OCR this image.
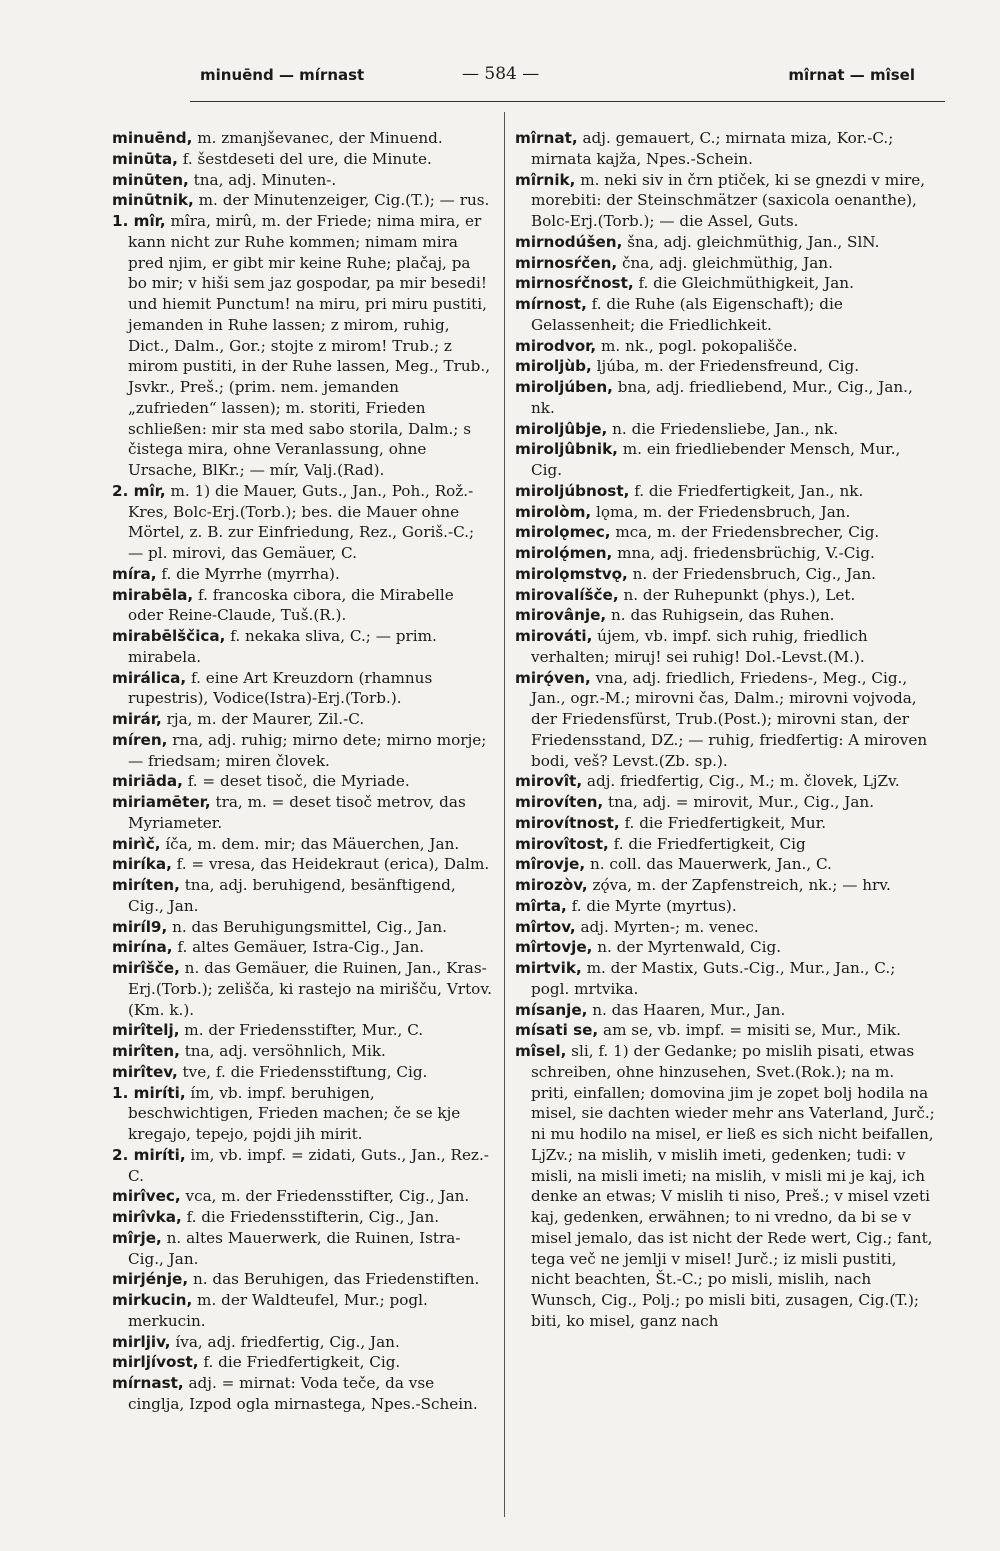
minuēnd — mírnast	— 584 —	mîrnat — mîsel

minuēnd, m. zmanjševanec, der Minuend.

minūta, f. šestdeseti del ure, die Minute.

minūten, tna, adj. Minuten-.

minūtnik, m. der Minutenzeiger, Cig.(T.); — rus.

1. mîr, mîra, mirû, m. der Friede; nima mira, er kann nicht zur Ruhe kommen; nimam mira pred njim, er gibt mir keine Ruhe; plačaj, pa bo mir; v hiši sem jaz gospodar, pa mir besedi! und hiemit Punctum! na miru, pri miru pustiti, jemanden in Ruhe lassen; z mirom, ruhig, Dict., Dalm., Gor.; stojte z mirom! Trub.; z mirom pustiti, in der Ruhe lassen, Meg., Trub., Jsvkr., Preš.; (prim. nem. jemanden „zufrieden“ lassen); m. storiti, Frieden schließen: mir sta med sabo storila, Dalm.; s čistega mira, ohne Veranlassung, ohne Ursache, BlKr.; — mír, Valj.(Rad).

2. mîr, m. 1) die Mauer, Guts., Jan., Poh., Rož.-Kres, Bolc-Erj.(Torb.); bes. die Mauer ohne Mörtel, z. B. zur Einfriedung, Rez., Goriš.-C.; — pl. mirovi, das Gemäuer, C.

míra, f. die Myrrhe (myrrha).

mirabēla, f. francoska cibora, die Mirabelle oder Reine-Claude, Tuš.(R.).

mirabēlščica, f. nekaka sliva, C.; — prim. mirabela.

mirálica, f. eine Art Kreuzdorn (rhamnus rupestris), Vodice(Istra)-Erj.(Torb.).

mirár, rja, m. der Maurer, Zil.-C.

míren, rna, adj. ruhig; mirno dete; mirno morje; — friedsam; miren človek.

miriāda, f. = deset tisoč, die Myriade.

miriamēter, tra, m. = deset tisoč metrov, das Myriameter.

mirìč, íča, m. dem. mir; das Mäuerchen, Jan.

miríka, f. = vresa, das Heidekraut (erica), Dalm.

miríten, tna, adj. beruhigend, besänftigend, Cig., Jan.

miríl9, n. das Beruhigungsmittel, Cig., Jan.

mirína, f. altes Gemäuer, Istra-Cig., Jan.

mirîšče, n. das Gemäuer, die Ruinen, Jan., Kras-Erj.(Torb.); zelišča, ki rastejo na mirišču, Vrtov.(Km. k.).

mirîtelj, m. der Friedensstifter, Mur., C.

mirîten, tna, adj. versöhnlich, Mik.

mirîtev, tve, f. die Friedensstiftung, Cig.

1. miríti, ím, vb. impf. beruhigen, beschwichtigen, Frieden machen; če se kje kregajo, tepejo, pojdi jih mirit.

2. miríti, im, vb. impf. = zidati, Guts., Jan., Rez.-C.

mirîvec, vca, m. der Friedensstifter, Cig., Jan.

mirîvka, f. die Friedensstifterin, Cig., Jan.

mîrje, n. altes Mauerwerk, die Ruinen, Istra-Cig., Jan.

mirjénje, n. das Beruhigen, das Friedenstiften.

mirkucin, m. der Waldteufel, Mur.; pogl. merkucin.

mirljiv, íva, adj. friedfertig, Cig., Jan.

mirljívost, f. die Friedfertigkeit, Cig.

mírnast, adj. = mirnat: Voda teče, da vse cinglja, Izpod ogla mirnastega, Npes.-Schein.

mîrnat, adj. gemauert, C.; mirnata miza, Kor.-C.; mirnata kajža, Npes.-Schein.

mîrnik, m. neki siv in črn ptiček, ki se gnezdi v mire, morebiti: der Steinschmätzer (saxicola oenanthe), Bolc-Erj.(Torb.); — die Assel, Guts.

mirnodúšen, šna, adj. gleichmüthig, Jan., SlN.

mirnosŕčen, čna, adj. gleichmüthig, Jan.

mirnosŕčnost, f. die Gleichmüthigkeit, Jan.

mírnost, f. die Ruhe (als Eigenschaft); die Gelassenheit; die Friedlichkeit.

mirodvor, m. nk., pogl. pokopališče.

miroljùb, ljúba, m. der Friedensfreund, Cig.

miroljúben, bna, adj. friedliebend, Mur., Cig., Jan., nk.

miroljûbje, n. die Friedensliebe, Jan., nk.

miroljûbnik, m. ein friedliebender Mensch, Mur., Cig.

miroljúbnost, f. die Friedfertigkeit, Jan., nk.

mirolòm, lǫma, m. der Friedensbruch, Jan.

mirolǫmec, mca, m. der Friedensbrecher, Cig.

mirolǫ́men, mna, adj. friedensbrüchig, V.-Cig.

mirolǫmstvǫ, n. der Friedensbruch, Cig., Jan.

mirovalíšče, n. der Ruhepunkt (phys.), Let.

mirovânje, n. das Ruhigsein, das Ruhen.

mirováti, újem, vb. impf. sich ruhig, friedlich verhalten; miruj! sei ruhig! Dol.-Levst.(M.).

mirǫ́ven, vna, adj. friedlich, Friedens-, Meg., Cig., Jan., ogr.-M.; mirovni čas, Dalm.; mirovni vojvoda, der Friedensfürst, Trub.(Post.); mirovni stan, der Friedensstand, DZ.; — ruhig, friedfertig: A miroven bodi, veš? Levst.(Zb. sp.).

mirovît, adj. friedfertig, Cig., M.; m. človek, LjZv.

mirovíten, tna, adj. = mirovit, Mur., Cig., Jan.

mirovítnost, f. die Friedfertigkeit, Mur.

mirovîtost, f. die Friedfertigkeit, Cig

mîrovje, n. coll. das Mauerwerk, Jan., C.

mirozòv, zǫ́va, m. der Zapfenstreich, nk.; — hrv.

mîrta, f. die Myrte (myrtus).

mîrtov, adj. Myrten-; m. venec.

mîrtovje, n. der Myrtenwald, Cig.

mirtvik, m. der Mastix, Guts.-Cig., Mur., Jan., C.; pogl. mrtvika.

mísanje, n. das Haaren, Mur., Jan.

mísati se, am se, vb. impf. = misiti se, Mur., Mik.

mîsel, sli, f. 1) der Gedanke; po mislih pisati, etwas schreiben, ohne hinzusehen, Svet.(Rok.); na m. priti, einfallen; domovina jim je zopet bolj hodila na misel, sie dachten wieder mehr ans Vaterland, Jurč.; ni mu hodilo na misel, er ließ es sich nicht beifallen, LjZv.; na mislih, v mislih imeti, gedenken; tudi: v misli, na misli imeti; na mislih, v misli mi je kaj, ich denke an etwas; V mislih ti niso, Preš.; v misel vzeti kaj, gedenken, erwähnen; to ni vredno, da bi se v misel jemalo, das ist nicht der Rede wert, Cig.; fant, tega več ne jemlji v misel! Jurč.; iz misli pustiti, nicht beachten, Št.-C.; po misli, mislih, nach Wunsch, Cig., Polj.; po misli biti, zusagen, Cig.(T.); biti, ko misel, ganz nach
